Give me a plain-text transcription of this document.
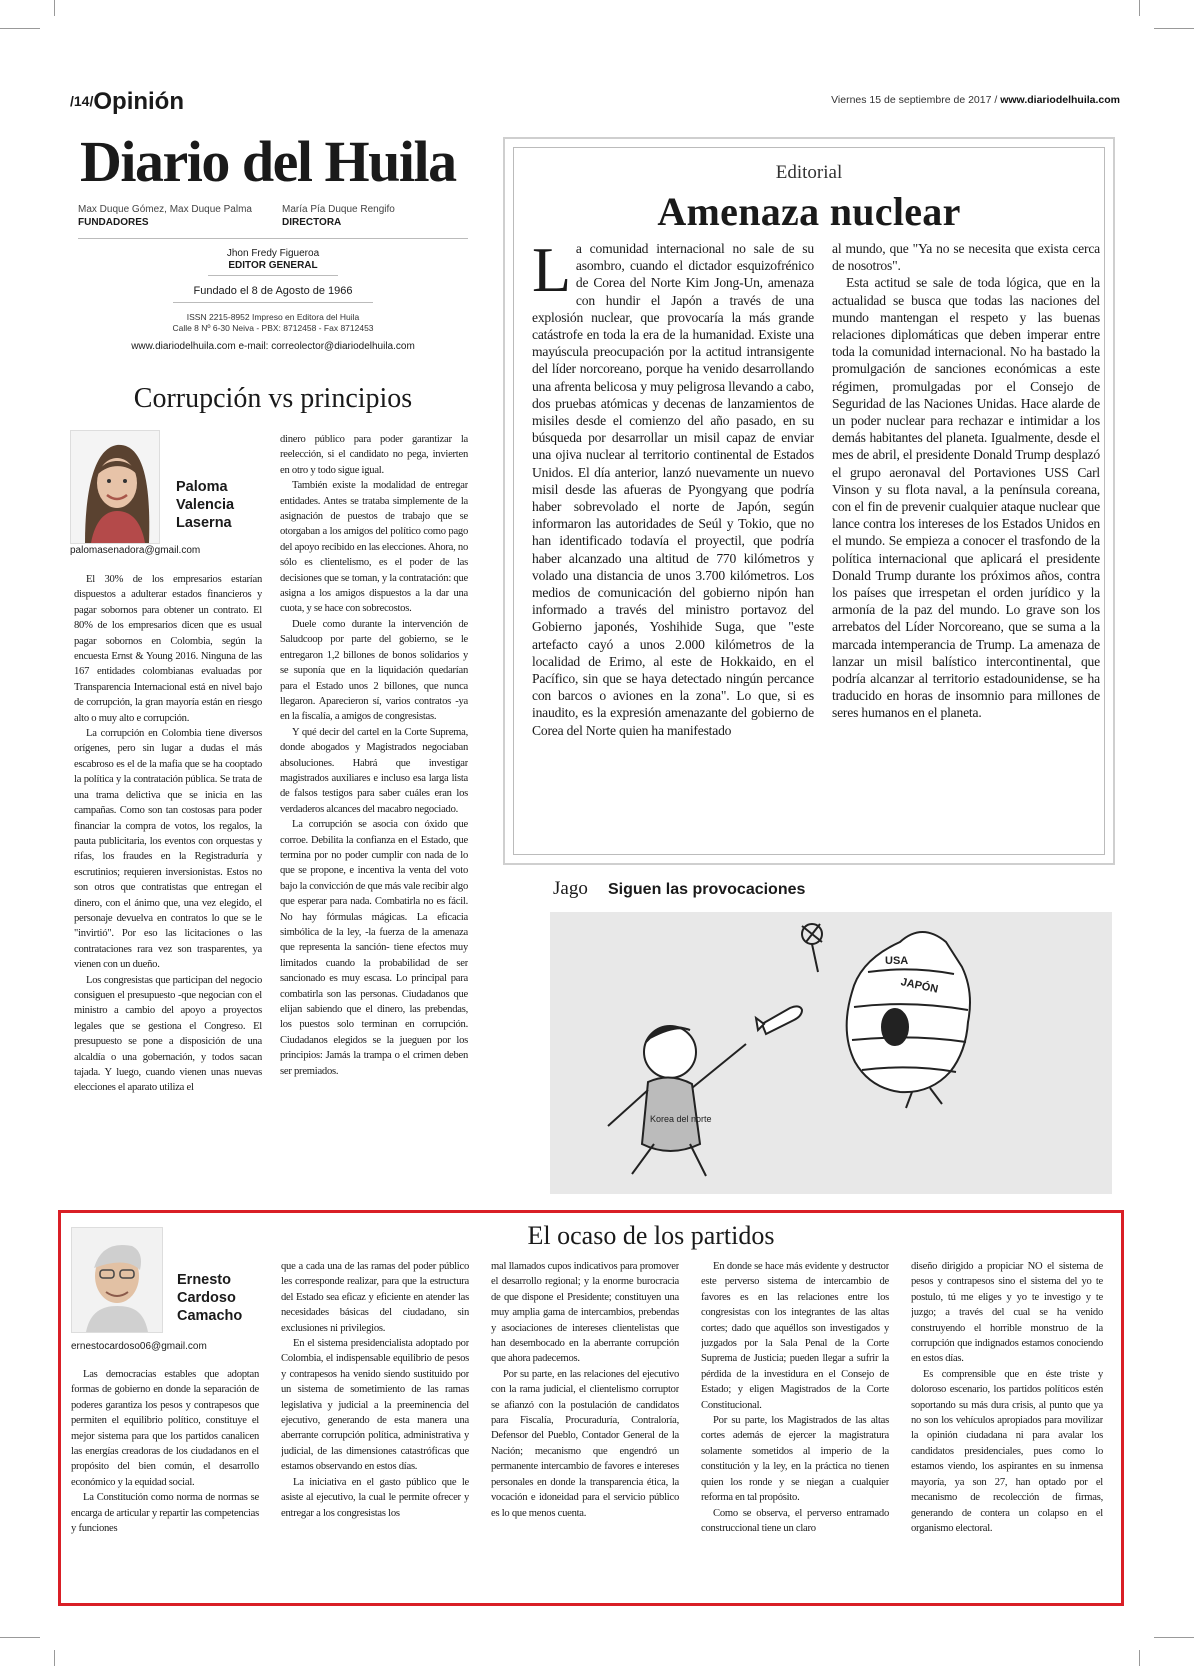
/14/Opinión	Viernes 15 de septiembre de 2017 / www.diariodelhuila.com
Diario del Huila
Max Duque Gómez, Max Duque Palma
FUNDADORES
María Pía Duque Rengifo
DIRECTORA
Jhon Fredy Figueroa
EDITOR GENERAL
Fundado el 8 de Agosto de 1966
ISSN 2215-8952 Impreso en Editora del Huila
Calle 8 Nº 6-30 Neiva - PBX: 8712458 - Fax 8712453
www.diariodelhuila.com e-mail: correolector@diariodelhuila.com
Corrupción vs principios
Paloma Valencia Laserna
palomasenadora@gmail.com

El 30% de los empresarios estarían dispuestos a adulterar estados financieros y pagar sobornos para obtener un contrato. El 80% de los empresarios dicen que es usual pagar sobornos en Colombia, según la encuesta Ernst & Young 2016. Ninguna de las 167 entidades colombianas evaluadas por Transparencia Internacional está en nivel bajo de corrupción, la gran mayoría están en riesgo alto o muy alto e corrupción.

La corrupción en Colombia tiene diversos orígenes, pero sin lugar a dudas el más escabroso es el de la mafia que se ha cooptado la política y la contratación pública. Se trata de una trama delictiva que se inicia en las campañas. Como son tan costosas para poder financiar la compra de votos, los regalos, la pauta publicitaria, los eventos con orquestas y rifas, los fraudes en la Registraduría y escrutinios; requieren inversionistas. Estos no son otros que contratistas que entregan el dinero, con el ánimo que, una vez elegido, el personaje devuelva en contratos lo que se le "invirtió". Por eso las licitaciones o las contrataciones rara vez son trasparentes, ya vienen con un dueño.

Los congresistas que participan del negocio consiguen el presupuesto -que negocian con el ministro a cambio del apoyo a proyectos legales que se gestiona el Congreso. El presupuesto se pone a disposición de una alcaldía o una gobernación, y todos sacan tajada. Y luego, cuando vienen unas nuevas elecciones el aparato utiliza el

dinero público para poder garantizar la reelección, si el candidato no pega, invierten en otro y todo sigue igual.

También existe la modalidad de entregar entidades. Antes se trataba simplemente de la asignación de puestos de trabajo que se otorgaban a los amigos del político como pago del apoyo recibido en las elecciones. Ahora, no sólo es clientelismo, es el poder de las decisiones que se toman, y la contratación: que asigna a los amigos dispuestos a la dar una cuota, y se hace con sobrecostos.

Duele como durante la intervención de Saludcoop por parte del gobierno, se le entregaron 1,2 billones de bonos solidarios y se suponía que en la liquidación quedarían para el Estado unos 2 billones, que nunca llegaron. Aparecieron sí, varios contratos -ya en la fiscalía, a amigos de congresistas.

Y qué decir del cartel en la Corte Suprema, donde abogados y Magistrados negociaban absoluciones. Habrá que investigar magistrados auxiliares e incluso esa larga lista de falsos testigos para saber cuáles eran los verdaderos alcances del macabro negociado.

La corrupción se asocia con óxido que corroe. Debilita la confianza en el Estado, que termina por no poder cumplir con nada de lo que se propone, e incentiva la venta del voto bajo la convicción de que más vale recibir algo que esperar para nada. Combatirla no es fácil. No hay fórmulas mágicas. La eficacia simbólica de la ley, -la fuerza de la amenaza que representa la sanción- tiene efectos muy limitados cuando la probabilidad de ser sancionado es muy escasa. Lo principal para combatirla son las personas. Ciudadanos que elijan sabiendo que el dinero, las prebendas, los puestos solo terminan en corrupción. Ciudadanos elegidos se la jueguen por los principios: Jamás la trampa o el crimen deben ser premiados.

Editorial
Amenaza nuclear

La comunidad internacional no sale de su asombro, cuando el dictador esquizofrénico de Corea del Norte Kim Jong-Un, amenaza con hundir el Japón a través de una explosión nuclear, que provocaría la más grande catástrofe en toda la era de la humanidad. Existe una mayúscula preocupación por la actitud intransigente del líder norcoreano, porque ha venido desarrollando una afrenta belicosa y muy peligrosa llevando a cabo, dos pruebas atómicas y decenas de lanzamientos de misiles desde el comienzo del año pasado, en su búsqueda por desarrollar un misil capaz de enviar una ojiva nuclear al territorio continental de Estados Unidos. El día anterior, lanzó nuevamente un nuevo misil desde las afueras de Pyongyang que podría haber sobrevolado el norte de Japón, según informaron las autoridades de Seúl y Tokio, que no han identificado todavía el proyectil, que podría haber alcanzado una altitud de 770 kilómetros y volado una distancia de unos 3.700 kilómetros. Los medios de comunicación del gobierno nipón han informado a través del ministro portavoz del Gobierno japonés, Yoshihide Suga, que "este artefacto cayó a unos 2.000 kilómetros de la localidad de Erimo, al este de Hokkaido, en el Pacífico, sin que se haya detectado ningún percance con barcos o aviones en la zona". Lo que, si es inaudito, es la expresión amenazante del gobierno de Corea del Norte quien ha manifestado

al mundo, que "Ya no se necesita que exista cerca de nosotros".

Esta actitud se sale de toda lógica, que en la actualidad se busca que todas las naciones del mundo mantengan el respeto y las buenas relaciones diplomáticas que deben imperar entre toda la comunidad internacional. No ha bastado la promulgación de sanciones económicas a este régimen, promulgadas por el Consejo de Seguridad de las Naciones Unidas. Hace alarde de un poder nuclear para rechazar e intimidar a los demás habitantes del planeta. Igualmente, desde el mes de abril, el presidente Donald Trump desplazó el grupo aeronaval del Portaviones USS Carl Vinson y su flota naval, a la península coreana, con el fin de prevenir cualquier ataque nuclear que lance contra los intereses de los Estados Unidos en el mundo. Se empieza a conocer el trasfondo de la política internacional que aplicará el presidente Donald Trump durante los próximos años, contra los países que irrespetan el orden jurídico y la armonía de la paz del mundo. Lo grave son los arrebatos del Líder Norcoreano, que se suma a la marcada intemperancia de Trump. La amenaza de lanzar un misil balístico intercontinental, que podría alcanzar al territorio estadounidense, se ha traducido en horas de insomnio para millones de seres humanos en el planeta.

Jago Siguen las provocaciones
USA
JAPÓN
Korea del norte
El ocaso de los partidos
Ernesto Cardoso Camacho
ernestocardoso06@gmail.com

Las democracias estables que adoptan formas de gobierno en donde la separación de poderes garantiza los pesos y contrapesos que permiten el equilibrio político, constituye el mejor sistema para que los partidos canalicen las energías creadoras de los ciudadanos en el propósito del bien común, el desarrollo económico y la equidad social.

La Constitución como norma de normas se encarga de articular y repartir las competencias y funciones

que a cada una de las ramas del poder público les corresponde realizar, para que la estructura del Estado sea eficaz y eficiente en atender las necesidades básicas del ciudadano, sin exclusiones ni privilegios.

En el sistema presidencialista adoptado por Colombia, el indispensable equilibrio de pesos y contrapesos ha venido siendo sustituido por un sistema de sometimiento de las ramas legislativa y judicial a la preeminencia del ejecutivo, generando de esta manera una aberrante corrupción política, administrativa y judicial, de las dimensiones catastróficas que estamos observando en estos días.

La iniciativa en el gasto público que le asiste al ejecutivo, la cual le permite ofrecer y entregar a los congresistas los

mal llamados cupos indicativos para promover el desarrollo regional; y la enorme burocracia de que dispone el Presidente; constituyen una muy amplia gama de intercambios, prebendas y asociaciones de intereses clientelistas que han desembocado en la aberrante corrupción que ahora padecemos.

Por su parte, en las relaciones del ejecutivo con la rama judicial, el clientelismo corruptor se afianzó con la postulación de candidatos para Fiscalía, Procuraduría, Contraloría, Defensor del Pueblo, Contador General de la Nación; mecanismo que engendró un permanente intercambio de favores e intereses personales en donde la transparencia ética, la vocación e idoneidad para el servicio público es lo que menos cuenta.

En donde se hace más evidente y destructor este perverso sistema de intercambio de favores es en las relaciones entre los congresistas con los integrantes de las altas cortes; dado que aquéllos son investigados y juzgados por la Sala Penal de la Corte Suprema de Justicia; pueden llegar a sufrir la pérdida de la investidura en el Consejo de Estado; y eligen Magistrados de la Corte Constitucional.

Por su parte, los Magistrados de las altas cortes además de ejercer la magistratura solamente sometidos al imperio de la constitución y la ley, en la práctica no tienen quien los ronde y se niegan a cualquier reforma en tal propósito.

Como se observa, el perverso entramado construccional tiene un claro

diseño dirigido a propiciar NO el sistema de pesos y contrapesos sino el sistema del yo te postulo, tú me eliges y yo te investigo y te juzgo; a través del cual se ha venido construyendo el horrible monstruo de la corrupción que indignados estamos conociendo en estos días.

Es comprensible que en éste triste y doloroso escenario, los partidos políticos estén soportando su más dura crisis, al punto que ya no son los vehículos apropiados para movilizar la opinión ciudadana ni para avalar los candidatos presidenciales, pues como lo estamos viendo, los aspirantes en su inmensa mayoría, ya son 27, han optado por el mecanismo de recolección de firmas, generando de contera un colapso en el organismo electoral.
